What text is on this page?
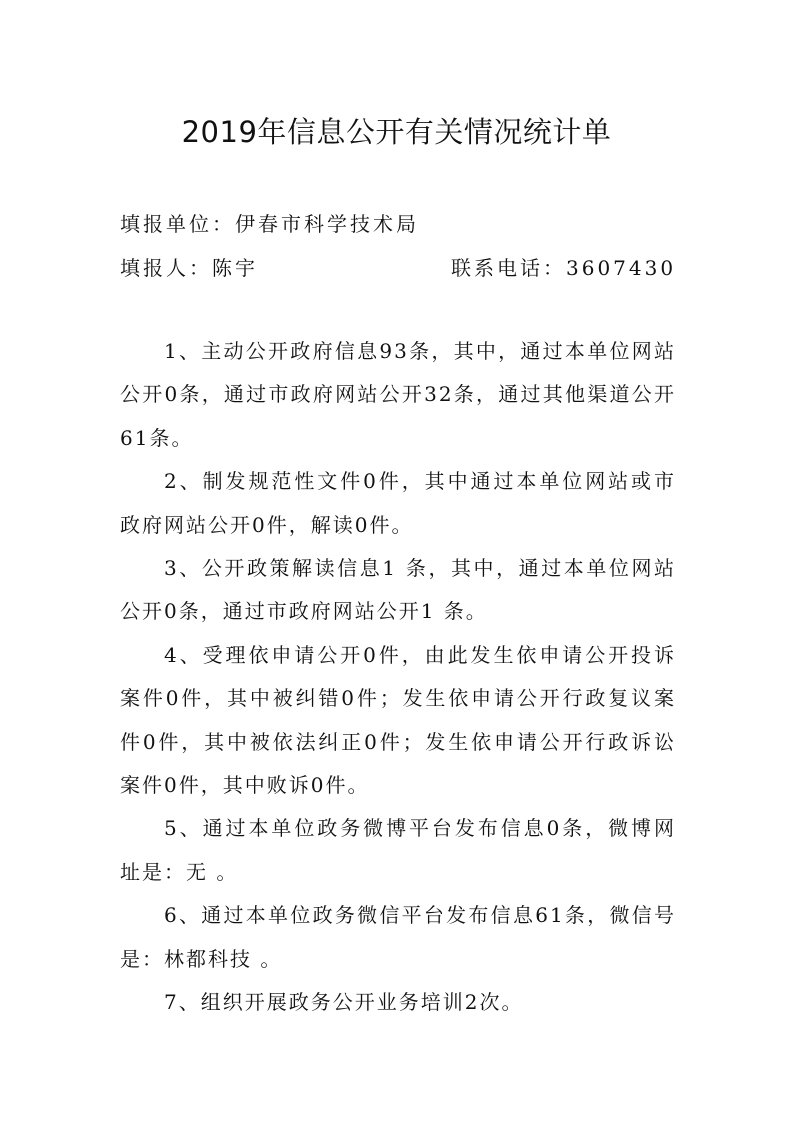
2019年信息公开有关情况统计单
填报单位：伊春市科学技术局
填报人：陈宇	联系电话：3607430

1、主动公开政府信息93条，其中，通过本单位网站公开0条，通过市政府网站公开32条，通过其他渠道公开61条。

2、制发规范性文件0件，其中通过本单位网站或市政府网站公开0件，解读0件。

3、公开政策解读信息1 条，其中，通过本单位网站公开0条，通过市政府网站公开1 条。

4、受理依申请公开0件，由此发生依申请公开投诉案件0件，其中被纠错0件；发生依申请公开行政复议案件0件，其中被依法纠正0件；发生依申请公开行政诉讼案件0件，其中败诉0件。

5、通过本单位政务微博平台发布信息0条，微博网址是：无 。

6、通过本单位政务微信平台发布信息61条，微信号是：林都科技 。

7、组织开展政务公开业务培训2次。
